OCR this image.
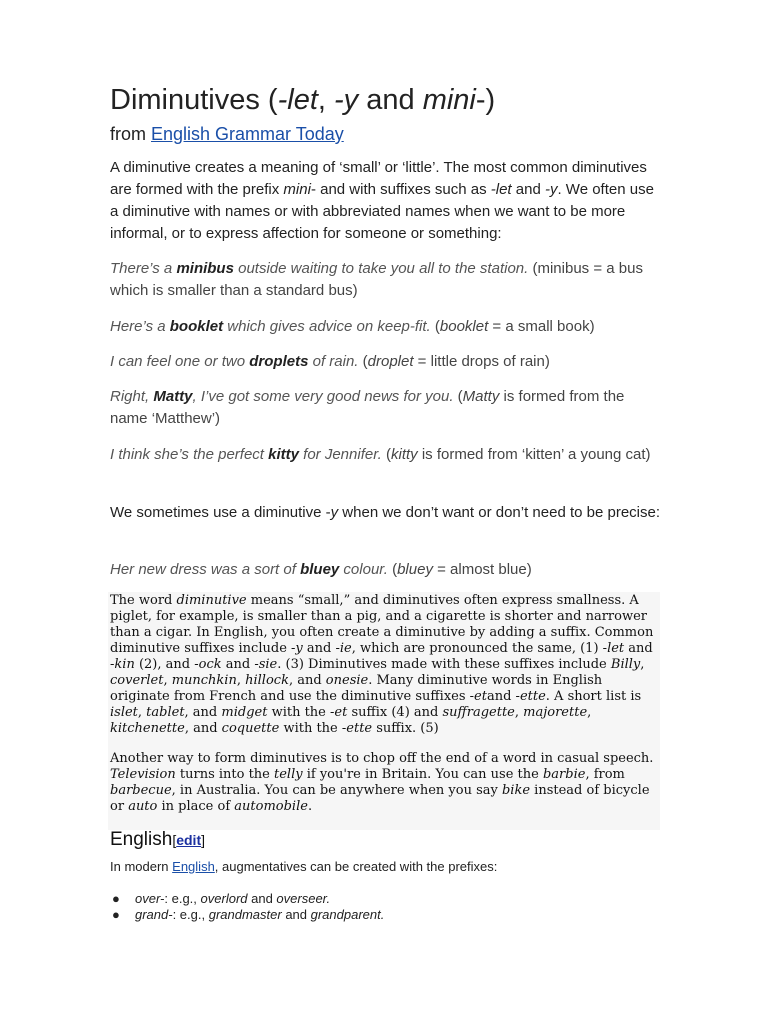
Diminutives (-let, -y and mini-)
from English Grammar Today
A diminutive creates a meaning of ‘small’ or ‘little’. The most common diminutives are formed with the prefix mini- and with suffixes such as -let and -y. We often use a diminutive with names or with abbreviated names when we want to be more informal, or to express affection for someone or something:
There’s a minibus outside waiting to take you all to the station. (minibus = a bus which is smaller than a standard bus)
Here’s a booklet which gives advice on keep-fit. (booklet = a small book)
I can feel one or two droplets of rain. (droplet = little drops of rain)
Right, Matty, I’ve got some very good news for you. (Matty is formed from the name ‘Matthew’)
I think she’s the perfect kitty for Jennifer. (kitty is formed from ‘kitten’ a young cat)
We sometimes use a diminutive -y when we don’t want or don’t need to be precise:
Her new dress was a sort of bluey colour. (bluey = almost blue)
The word diminutive means “small,” and diminutives often express smallness. A piglet, for example, is smaller than a pig, and a cigarette is shorter and narrower than a cigar. In English, you often create a diminutive by adding a suffix. Common diminutive suffixes include -y and -ie, which are pronounced the same, (1) -let and -kin (2), and -ock and -sie. (3) Diminutives made with these suffixes include Billy, coverlet, munchkin, hillock, and onesie. Many diminutive words in English originate from French and use the diminutive suffixes -etand -ette. A short list is islet, tablet, and midget with the -et suffix (4) and suffragette, majorette, kitchenette, and coquette with the -ette suffix. (5)
Another way to form diminutives is to chop off the end of a word in casual speech. Television turns into the telly if you're in Britain. You can use the barbie, from barbecue, in Australia. You can be anywhere when you say bike instead of bicycle or auto in place of automobile.
English[edit]
In modern English, augmentatives can be created with the prefixes:
● over-: e.g., overlord and overseer.
● grand-: e.g., grandmaster and grandparent.
